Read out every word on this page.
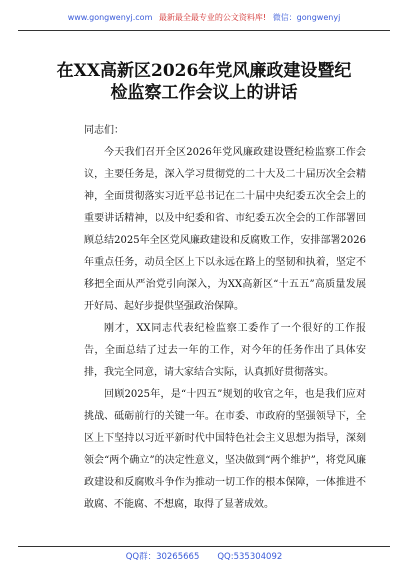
www.gongwenyj.com 最新最全最专业的公文资料库! 微信：gongwenyj
在XX高新区2026年党风廉政建设暨纪
检监察工作会议上的讲话

同志们：

今天我们召开全区2026年党风廉政建设暨纪检监察工作会议，主要任务是，深入学习贯彻党的二十大及二十届历次全会精神，全面贯彻落实习近平总书记在二十届中央纪委五次全会上的重要讲话精神，以及中纪委和省、市纪委五次全会的工作部署回顾总结2025年全区党风廉政建设和反腐败工作，安排部署2026年重点任务，动员全区上下以永远在路上的坚韧和执着，坚定不移把全面从严治党引向深入，为XX高新区“十五五”高质量发展开好局、起好步提供坚强政治保障。

刚才，XX同志代表纪检监察工委作了一个很好的工作报告，全面总结了过去一年的工作，对今年的任务作出了具体安排，我完全同意，请大家结合实际，认真抓好贯彻落实。

回顾2025年，是“十四五”规划的收官之年，也是我们应对挑战、砥砺前行的关键一年。在市委、市政府的坚强领导下，全区上下坚持以习近平新时代中国特色社会主义思想为指导，深刻领会“两个确立”的决定性意义，坚决做到“两个维护”，将党风廉政建设和反腐败斗争作为推动一切工作的根本保障，一体推进不敢腐、不能腐、不想腐，取得了显著成效。

QQ群：30265665 QQ:535304092
